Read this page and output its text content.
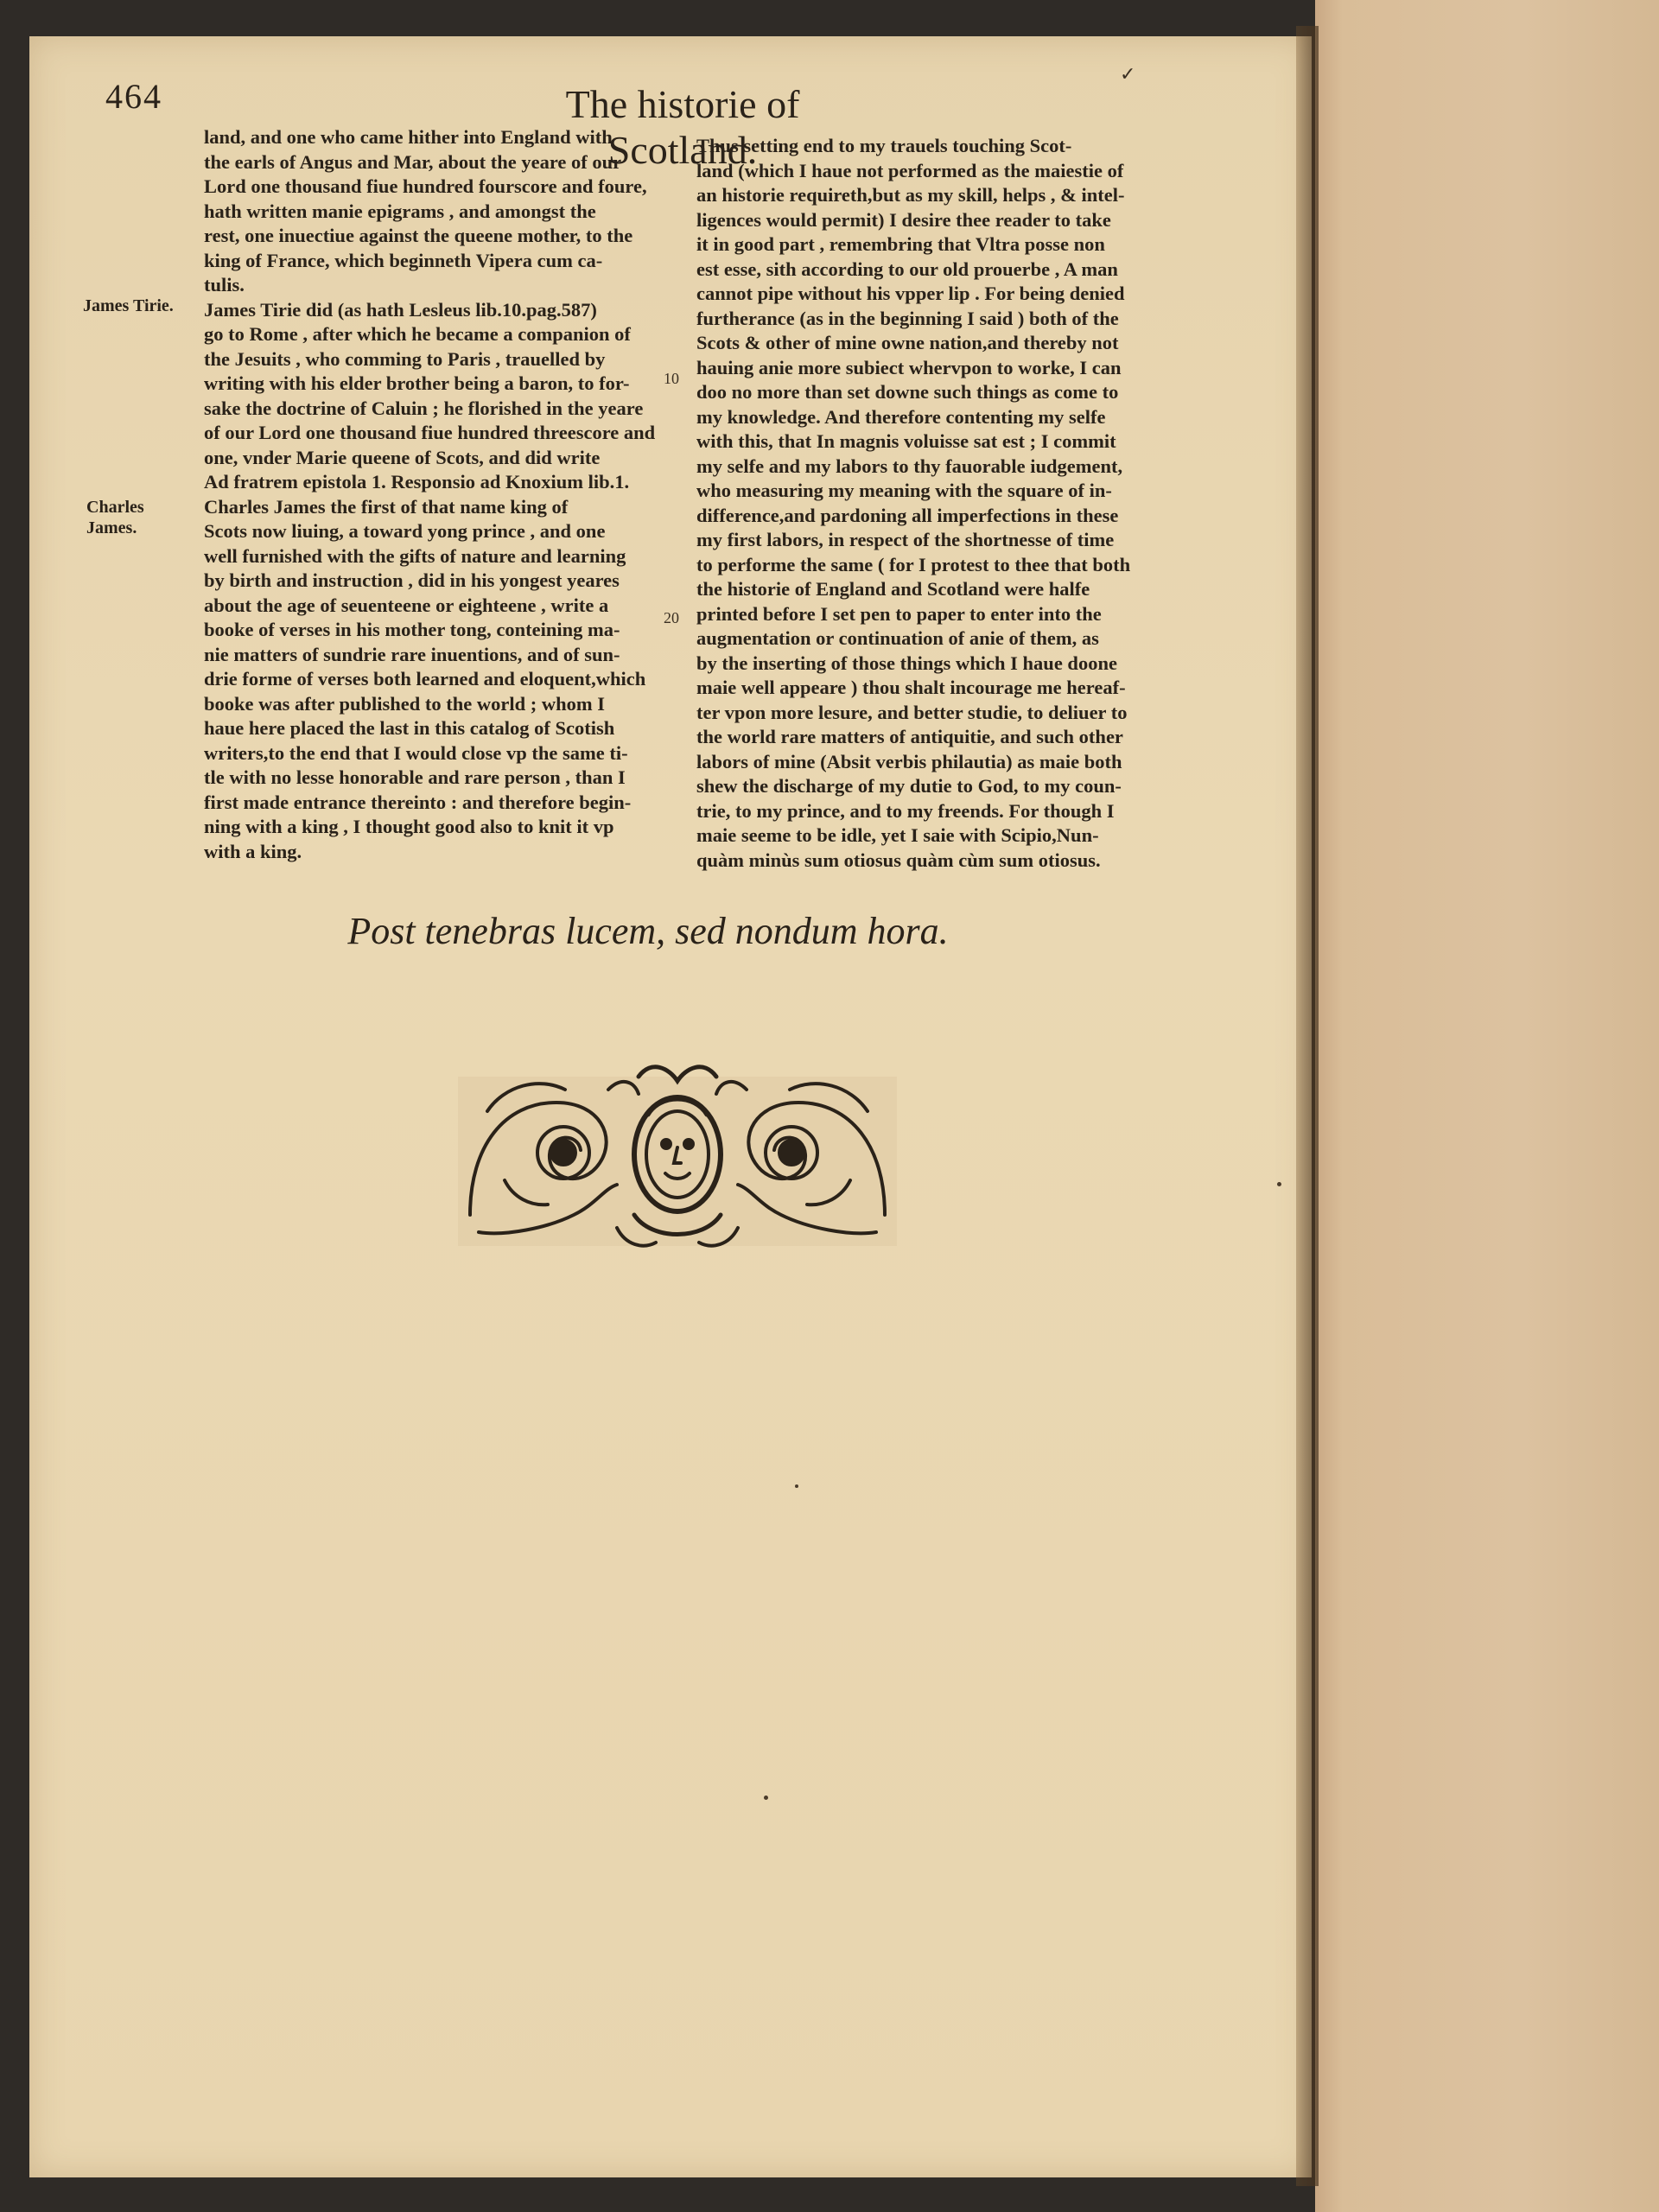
464	The historie of Scotland.
✓
James Tirie.
Charles
James.
10
20
land, and one who came hither into England with
the earls of Angus and Mar, about the yeare of our
Lord one thousand fiue hundred fourscore and foure,
hath written manie epigrams , and amongst the
rest, one inuectiue against the queene mother, to the
king of France, which beginneth Vipera cum ca-
tulis.
James Tirie did (as hath Lesleus lib.10.pag.587)
go to Rome , after which he became a companion of
the Jesuits , who comming to Paris , trauelled by
writing with his elder brother being a baron, to for-
sake the doctrine of Caluin ; he florished in the yeare
of our Lord one thousand fiue hundred threescore and
one, vnder Marie queene of Scots, and did write
Ad fratrem epistola 1. Responsio ad Knoxium lib.1.
Charles James the first of that name king of
Scots now liuing, a toward yong prince , and one
well furnished with the gifts of nature and learning
by birth and instruction , did in his yongest yeares
about the age of seuenteene or eighteene , write a
booke of verses in his mother tong, conteining ma-
nie matters of sundrie rare inuentions, and of sun-
drie forme of verses both learned and eloquent,which
booke was after published to the world ; whom I
haue here placed the last in this catalog of Scotish
writers,to the end that I would close vp the same ti-
tle with no lesse honorable and rare person , than I
first made entrance thereinto : and therefore begin-
ning with a king , I thought good also to knit it vp
with a king.
Thus setting end to my trauels touching Scot-
land (which I haue not performed as the maiestie of
an historie requireth,but as my skill, helps , & intel-
ligences would permit) I desire thee reader to take
it in good part , remembring that Vltra posse non
est esse, sith according to our old prouerbe , A man
cannot pipe without his vpper lip . For being denied
furtherance (as in the beginning I said ) both of the
Scots & other of mine owne nation,and thereby not
hauing anie more subiect whervpon to worke, I can
doo no more than set downe such things as come to
my knowledge. And therefore contenting my selfe
with this, that In magnis voluisse sat est ; I commit
my selfe and my labors to thy fauorable iudgement,
who measuring my meaning with the square of in-
difference,and pardoning all imperfections in these
my first labors, in respect of the shortnesse of time
to performe the same ( for I protest to thee that both
the historie of England and Scotland were halfe
printed before I set pen to paper to enter into the
augmentation or continuation of anie of them, as
by the inserting of those things which I haue doone
maie well appeare ) thou shalt incourage me hereaf-
ter vpon more lesure, and better studie, to deliuer to
the world rare matters of antiquitie, and such other
labors of mine (Absit verbis philautia) as maie both
shew the discharge of my dutie to God, to my coun-
trie, to my prince, and to my freends. For though I
maie seeme to be idle, yet I saie with Scipio,Nun-
quàm minùs sum otiosus quàm cùm sum otiosus.
Post tenebras lucem, sed nondum hora.
